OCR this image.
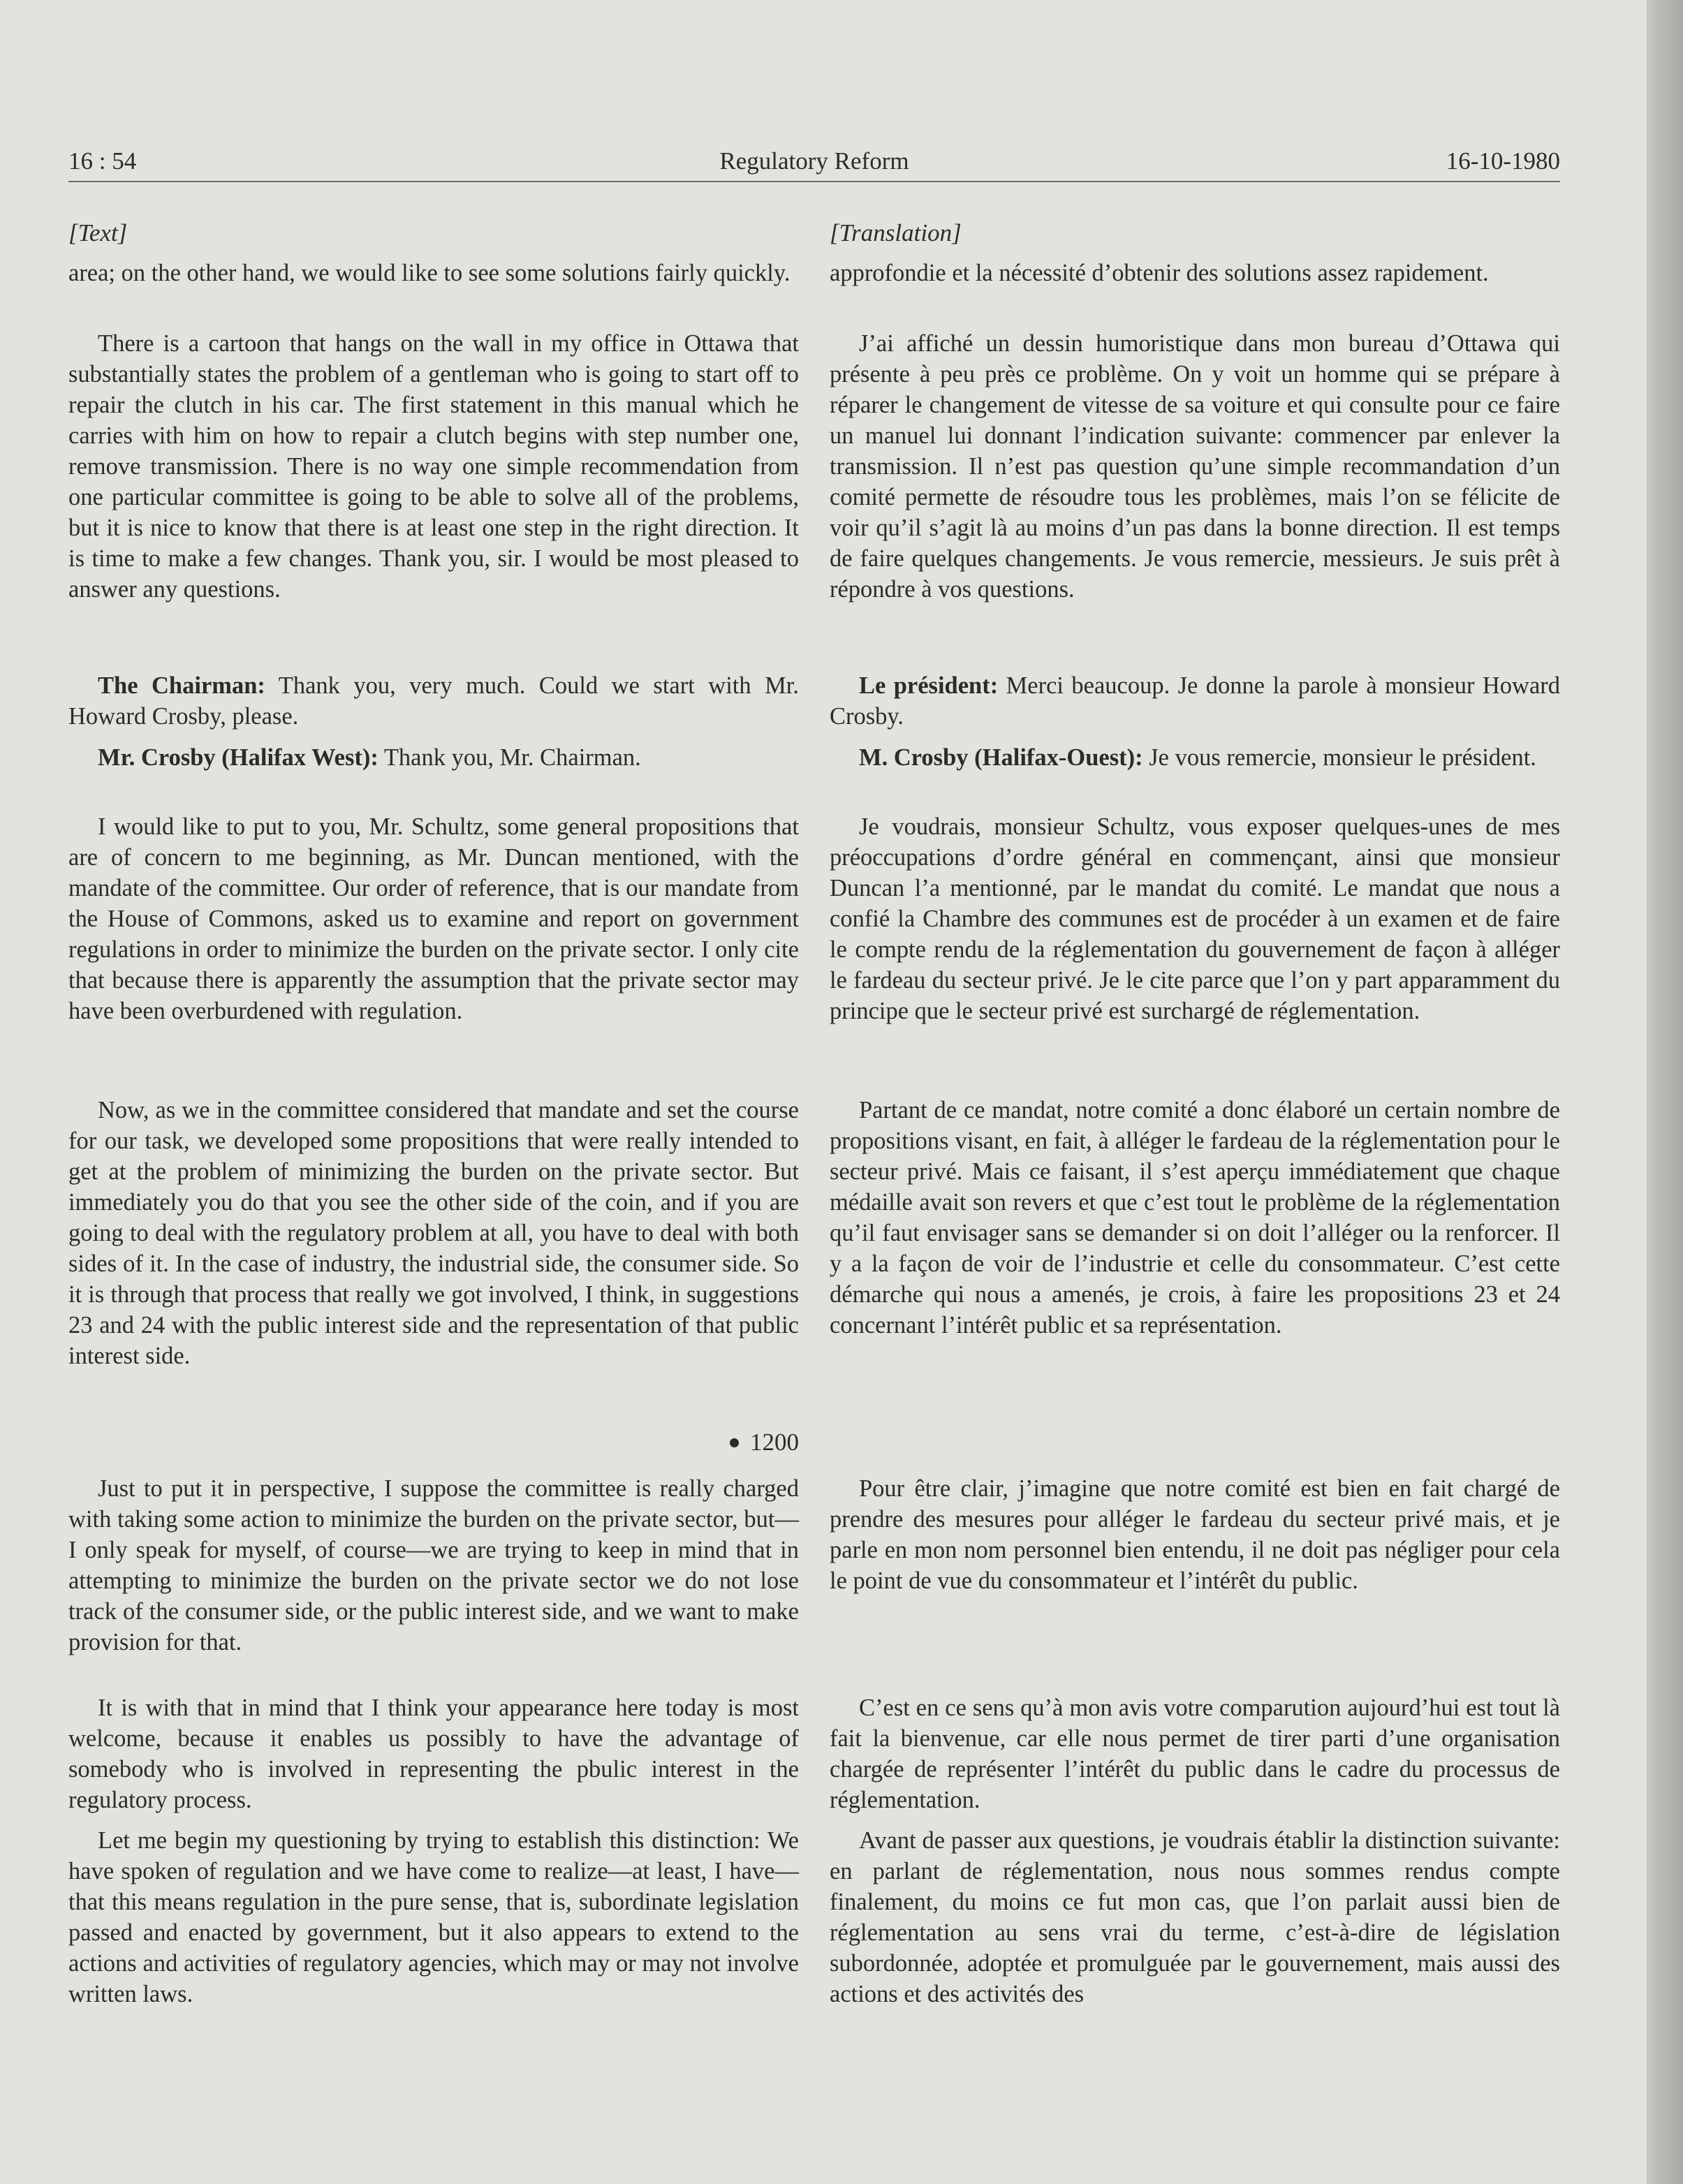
16 : 54	Regulatory Reform	16-10-1980
[Text]

area; on the other hand, we would like to see some solutions fairly quickly.

There is a cartoon that hangs on the wall in my office in Ottawa that substantially states the problem of a gentleman who is going to start off to repair the clutch in his car. The first statement in this manual which he carries with him on how to repair a clutch begins with step number one, remove transmission. There is no way one simple recommendation from one particular committee is going to be able to solve all of the problems, but it is nice to know that there is at least one step in the right direction. It is time to make a few changes. Thank you, sir. I would be most pleased to answer any questions.

The Chairman: Thank you, very much. Could we start with Mr. Howard Crosby, please.

Mr. Crosby (Halifax West): Thank you, Mr. Chairman.

I would like to put to you, Mr. Schultz, some general propositions that are of concern to me beginning, as Mr. Duncan mentioned, with the mandate of the committee. Our order of reference, that is our mandate from the House of Commons, asked us to examine and report on government regulations in order to minimize the burden on the private sector. I only cite that because there is apparently the assumption that the private sector may have been overburdened with regulation.

Now, as we in the committee considered that mandate and set the course for our task, we developed some propositions that were really intended to get at the problem of minimizing the burden on the private sector. But immediately you do that you see the other side of the coin, and if you are going to deal with the regulatory problem at all, you have to deal with both sides of it. In the case of industry, the industrial side, the consumer side. So it is through that process that really we got involved, I think, in suggestions 23 and 24 with the public interest side and the representation of that public interest side.

1200

Just to put it in perspective, I suppose the committee is really charged with taking some action to minimize the burden on the private sector, but—I only speak for myself, of course—we are trying to keep in mind that in attempting to minimize the burden on the private sector we do not lose track of the consumer side, or the public interest side, and we want to make provision for that.

It is with that in mind that I think your appearance here today is most welcome, because it enables us possibly to have the advantage of somebody who is involved in representing the pbulic interest in the regulatory process.

Let me begin my questioning by trying to establish this distinction: We have spoken of regulation and we have come to realize—at least, I have—that this means regulation in the pure sense, that is, subordinate legislation passed and enacted by government, but it also appears to extend to the actions and activities of regulatory agencies, which may or may not involve written laws.

[Translation]

approfondie et la nécessité d’obtenir des solutions assez rapidement.

J’ai affiché un dessin humoristique dans mon bureau d’Ottawa qui présente à peu près ce problème. On y voit un homme qui se prépare à réparer le changement de vitesse de sa voiture et qui consulte pour ce faire un manuel lui donnant l’indication suivante: commencer par enlever la transmission. Il n’est pas question qu’une simple recommandation d’un comité permette de résoudre tous les problèmes, mais l’on se félicite de voir qu’il s’agit là au moins d’un pas dans la bonne direction. Il est temps de faire quelques changements. Je vous remercie, messieurs. Je suis prêt à répondre à vos questions.

Le président: Merci beaucoup. Je donne la parole à monsieur Howard Crosby.

M. Crosby (Halifax-Ouest): Je vous remercie, monsieur le président.

Je voudrais, monsieur Schultz, vous exposer quelques-unes de mes préoccupations d’ordre général en commençant, ainsi que monsieur Duncan l’a mentionné, par le mandat du comité. Le mandat que nous a confié la Chambre des communes est de procéder à un examen et de faire le compte rendu de la réglementation du gouvernement de façon à alléger le fardeau du secteur privé. Je le cite parce que l’on y part apparamment du principe que le secteur privé est surchargé de réglementation.

Partant de ce mandat, notre comité a donc élaboré un certain nombre de propositions visant, en fait, à alléger le fardeau de la réglementation pour le secteur privé. Mais ce faisant, il s’est aperçu immédiatement que chaque médaille avait son revers et que c’est tout le problème de la réglementation qu’il faut envisager sans se demander si on doit l’alléger ou la renforcer. Il y a la façon de voir de l’industrie et celle du consommateur. C’est cette démarche qui nous a amenés, je crois, à faire les propositions 23 et 24 concernant l’intérêt public et sa représentation.

Pour être clair, j’imagine que notre comité est bien en fait chargé de prendre des mesures pour alléger le fardeau du secteur privé mais, et je parle en mon nom personnel bien entendu, il ne doit pas négliger pour cela le point de vue du consommateur et l’intérêt du public.

C’est en ce sens qu’à mon avis votre comparution aujourd’hui est tout là fait la bienvenue, car elle nous permet de tirer parti d’une organisation chargée de représenter l’intérêt du public dans le cadre du processus de réglementation.

Avant de passer aux questions, je voudrais établir la distinction suivante: en parlant de réglementation, nous nous sommes rendus compte finalement, du moins ce fut mon cas, que l’on parlait aussi bien de réglementation au sens vrai du terme, c’est-à-dire de législation subordonnée, adoptée et promulguée par le gouvernement, mais aussi des actions et des activités des
